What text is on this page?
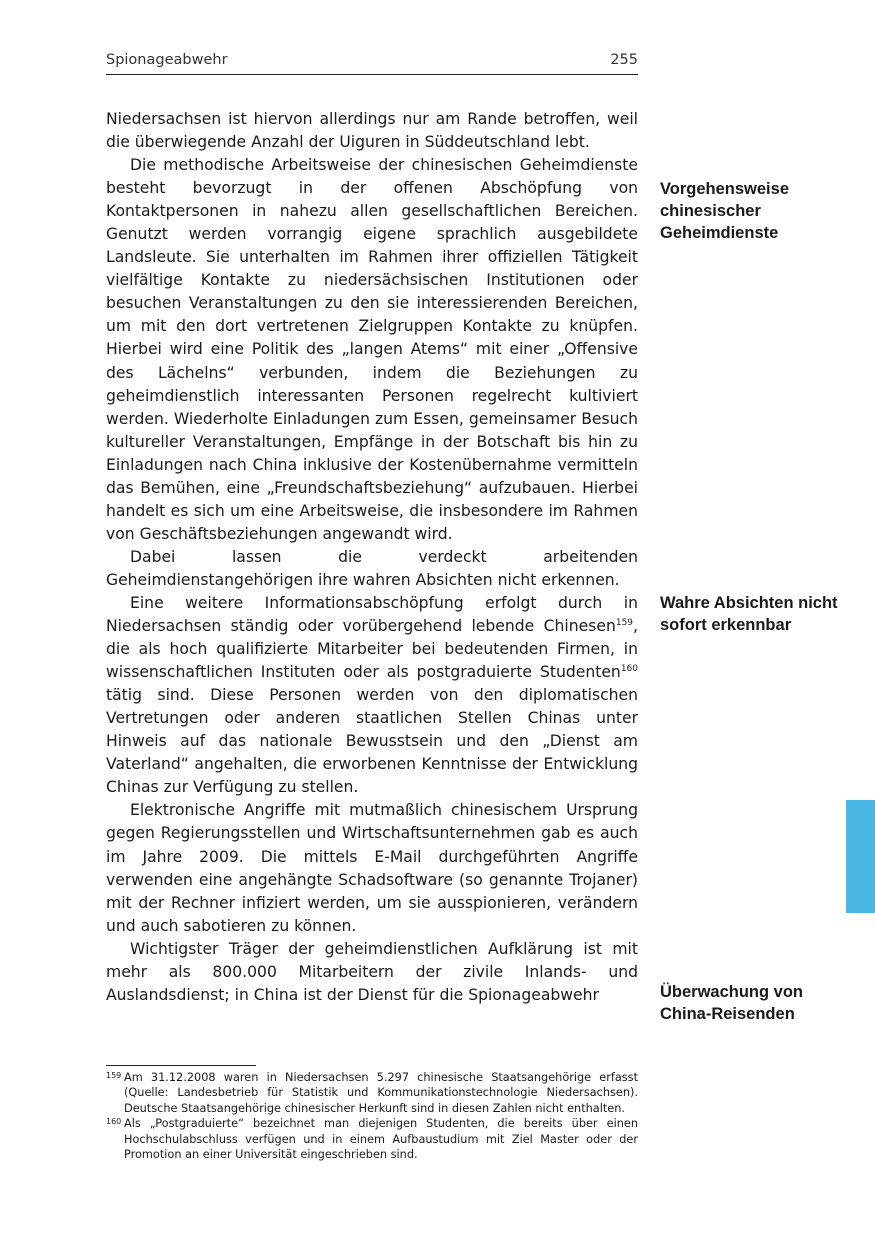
Spionageabwehr	255

Niedersachsen ist hiervon allerdings nur am Rande betroffen, weil die überwiegende Anzahl der Uiguren in Süddeutschland lebt.

Die methodische Arbeitsweise der chinesischen Geheimdienste besteht bevorzugt in der offenen Abschöpfung von Kontaktpersonen in nahezu allen gesellschaftlichen Bereichen. Genutzt werden vorrangig eigene sprachlich ausgebildete Landsleute. Sie unterhalten im Rahmen ihrer offiziellen Tätigkeit vielfältige Kontakte zu niedersächsischen Institutionen oder besuchen Veranstaltungen zu den sie interessierenden Bereichen, um mit den dort vertretenen Zielgruppen Kontakte zu knüpfen. Hierbei wird eine Politik des „langen Atems“ mit einer „Offensive des Lächelns“ verbunden, indem die Beziehungen zu geheimdienstlich interessanten Personen regelrecht kultiviert werden. Wiederholte Einladungen zum Essen, gemeinsamer Besuch kultureller Veranstaltungen, Empfänge in der Botschaft bis hin zu Einladungen nach China inklusive der Kostenübernahme vermitteln das Bemühen, eine „Freundschaftsbeziehung“ aufzubauen. Hierbei handelt es sich um eine Arbeitsweise, die insbesondere im Rahmen von Geschäftsbeziehungen angewandt wird.

Dabei lassen die verdeckt arbeitenden Geheimdienstangehörigen ihre wahren Absichten nicht erkennen.

Eine weitere Informationsabschöpfung erfolgt durch in Niedersachsen ständig oder vorübergehend lebende Chinesen$^{159}$, die als hoch qualifizierte Mitarbeiter bei bedeutenden Firmen, in wissenschaftlichen Instituten oder als postgraduierte Studenten$^{160}$ tätig sind. Diese Personen werden von den diplomatischen Vertretungen oder anderen staatlichen Stellen Chinas unter Hinweis auf das nationale Bewusstsein und den „Dienst am Vaterland“ angehalten, die erworbenen Kenntnisse der Entwicklung Chinas zur Verfügung zu stellen.

Elektronische Angriffe mit mutmaßlich chinesischem Ursprung gegen Regierungsstellen und Wirtschaftsunternehmen gab es auch im Jahre 2009. Die mittels E-Mail durchgeführten Angriffe verwenden eine angehängte Schadsoftware (so genannte Trojaner) mit der Rechner infiziert werden, um sie ausspionieren, verändern und auch sabotieren zu können.

Wichtigster Träger der geheimdienstlichen Aufklärung ist mit mehr als 800.000 Mitarbeitern der zivile Inlands- und Auslandsdienst; in China ist der Dienst für die Spionageabwehr

Vorgehensweise chinesischer Geheimdienste
Wahre Absichten nicht sofort erkennbar
Überwachung von China-Reisenden
159 Am 31.12.2008 waren in Niedersachsen 5.297 chinesische Staatsangehörige erfasst (Quelle: Landesbetrieb für Statistik und Kommunikationstechnologie Niedersachsen). Deutsche Staatsangehörige chinesischer Herkunft sind in diesen Zahlen nicht enthalten.
160 Als „Postgraduierte“ bezeichnet man diejenigen Studenten, die bereits über einen Hochschulabschluss verfügen und in einem Aufbaustudium mit Ziel Master oder der Promotion an einer Universität eingeschrieben sind.
